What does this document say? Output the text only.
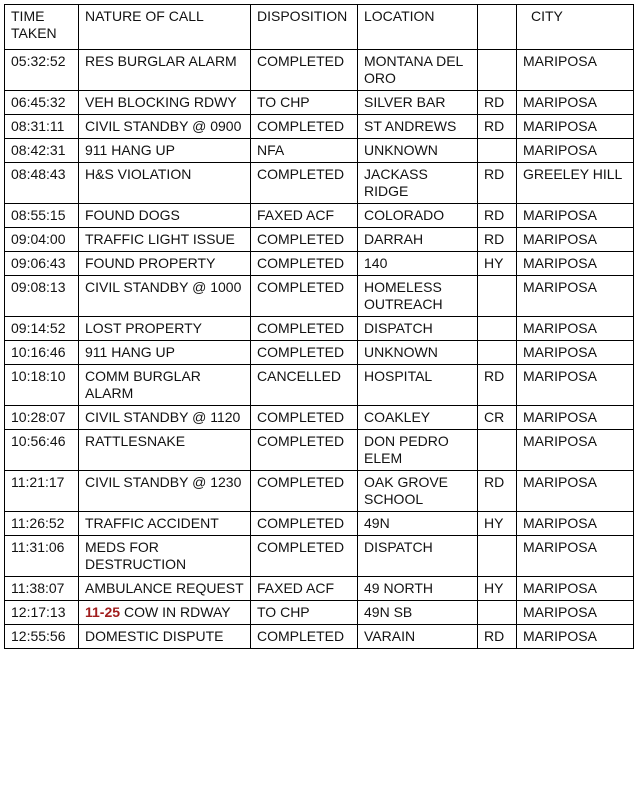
TIME
TAKEN	NATURE OF CALL	DISPOSITION	LOCATION		CITY
05:32:52	RES BURGLAR ALARM	COMPLETED	MONTANA DEL ORO		MARIPOSA
06:45:32	VEH BLOCKING RDWY	TO CHP	SILVER BAR	RD	MARIPOSA
08:31:11	CIVIL STANDBY @ 0900	COMPLETED	ST ANDREWS	RD	MARIPOSA
08:42:31	911 HANG UP	NFA	UNKNOWN		MARIPOSA
08:48:43	H&S VIOLATION	COMPLETED	JACKASS RIDGE	RD	GREELEY HILL
08:55:15	FOUND DOGS	FAXED ACF	COLORADO	RD	MARIPOSA
09:04:00	TRAFFIC LIGHT ISSUE	COMPLETED	DARRAH	RD	MARIPOSA
09:06:43	FOUND PROPERTY	COMPLETED	140	HY	MARIPOSA
09:08:13	CIVIL STANDBY @ 1000	COMPLETED	HOMELESS OUTREACH		MARIPOSA
09:14:52	LOST PROPERTY	COMPLETED	DISPATCH		MARIPOSA
10:16:46	911 HANG UP	COMPLETED	UNKNOWN		MARIPOSA
10:18:10	COMM BURGLAR ALARM	CANCELLED	HOSPITAL	RD	MARIPOSA
10:28:07	CIVIL STANDBY @ 1120	COMPLETED	COAKLEY	CR	MARIPOSA
10:56:46	RATTLESNAKE	COMPLETED	DON PEDRO ELEM		MARIPOSA
11:21:17	CIVIL STANDBY @ 1230	COMPLETED	OAK GROVE SCHOOL	RD	MARIPOSA
11:26:52	TRAFFIC ACCIDENT	COMPLETED	49N	HY	MARIPOSA
11:31:06	MEDS FOR DESTRUCTION	COMPLETED	DISPATCH		MARIPOSA
11:38:07	AMBULANCE REQUEST	FAXED ACF	49 NORTH	HY	MARIPOSA
12:17:13	11-25 COW IN RDWAY	TO CHP	49N SB		MARIPOSA
12:55:56	DOMESTIC DISPUTE	COMPLETED	VARAIN	RD	MARIPOSA
